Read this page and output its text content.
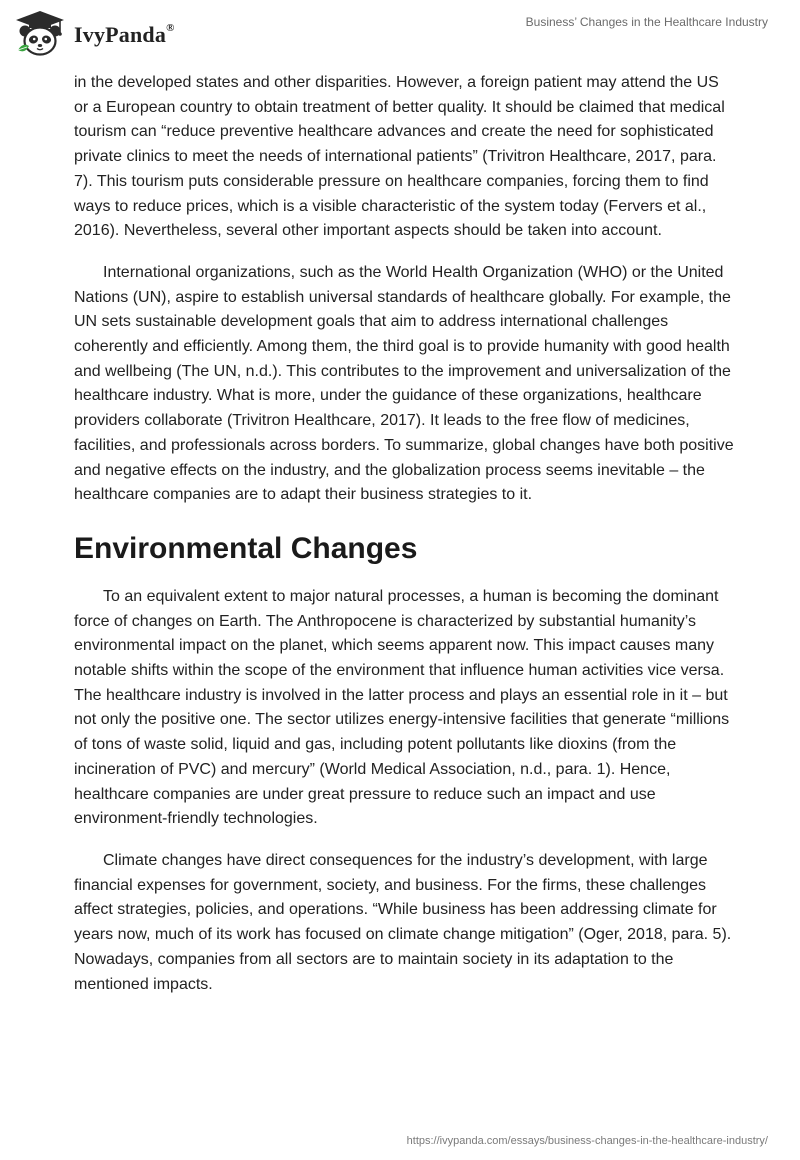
IvyPanda®	Business’ Changes in the Healthcare Industry

in the developed states and other disparities. However, a foreign patient may attend the US or a European country to obtain treatment of better quality. It should be claimed that medical tourism can “reduce preventive healthcare advances and create the need for sophisticated private clinics to meet the needs of international patients” (Trivitron Healthcare, 2017, para. 7). This tourism puts considerable pressure on healthcare companies, forcing them to find ways to reduce prices, which is a visible characteristic of the system today (Fervers et al., 2016). Nevertheless, several other important aspects should be taken into account.

International organizations, such as the World Health Organization (WHO) or the United Nations (UN), aspire to establish universal standards of healthcare globally. For example, the UN sets sustainable development goals that aim to address international challenges coherently and efficiently. Among them, the third goal is to provide humanity with good health and wellbeing (The UN, n.d.). This contributes to the improvement and universalization of the healthcare industry. What is more, under the guidance of these organizations, healthcare providers collaborate (Trivitron Healthcare, 2017). It leads to the free flow of medicines, facilities, and professionals across borders. To summarize, global changes have both positive and negative effects on the industry, and the globalization process seems inevitable – the healthcare companies are to adapt their business strategies to it.

Environmental Changes

To an equivalent extent to major natural processes, a human is becoming the dominant force of changes on Earth. The Anthropocene is characterized by substantial humanity’s environmental impact on the planet, which seems apparent now. This impact causes many notable shifts within the scope of the environment that influence human activities vice versa. The healthcare industry is involved in the latter process and plays an essential role in it – but not only the positive one. The sector utilizes energy-intensive facilities that generate “millions of tons of waste solid, liquid and gas, including potent pollutants like dioxins (from the incineration of PVC) and mercury” (World Medical Association, n.d., para. 1). Hence, healthcare companies are under great pressure to reduce such an impact and use environment-friendly technologies.

Climate changes have direct consequences for the industry’s development, with large financial expenses for government, society, and business. For the firms, these challenges affect strategies, policies, and operations. “While business has been addressing climate for years now, much of its work has focused on climate change mitigation” (Oger, 2018, para. 5). Nowadays, companies from all sectors are to maintain society in its adaptation to the mentioned impacts.

https://ivypanda.com/essays/business-changes-in-the-healthcare-industry/
